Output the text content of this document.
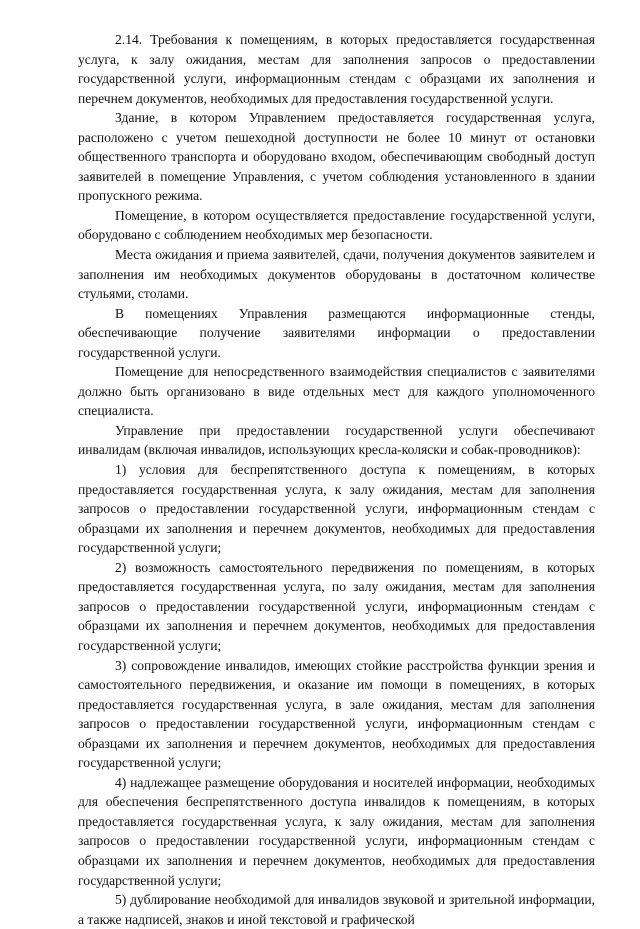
2.14. Требования к помещениям, в которых предоставляется государственная услуга, к залу ожидания, местам для заполнения запросов о предоставлении государственной услуги, информационным стендам с образцами их заполнения и перечнем документов, необходимых для предоставления государственной услуги.

Здание, в котором Управлением предоставляется государственная услуга, расположено с учетом пешеходной доступности не более 10 минут от остановки общественного транспорта и оборудовано входом, обеспечивающим свободный доступ заявителей в помещение Управления, с учетом соблюдения установленного в здании пропускного режима.

Помещение, в котором осуществляется предоставление государственной услуги, оборудовано с соблюдением необходимых мер безопасности.

Места ожидания и приема заявителей, сдачи, получения документов заявителем и заполнения им необходимых документов оборудованы в достаточном количестве стульями, столами.

В помещениях Управления размещаются информационные стенды, обеспечивающие получение заявителями информации о предоставлении государственной услуги.

Помещение для непосредственного взаимодействия специалистов с заявителями должно быть организовано в виде отдельных мест для каждого уполномоченного специалиста.

Управление при предоставлении государственной услуги обеспечивают инвалидам (включая инвалидов, использующих кресла-коляски и собак-проводников):

1) условия для беспрепятственного доступа к помещениям, в которых предоставляется государственная услуга, к залу ожидания, местам для заполнения запросов о предоставлении государственной услуги, информационным стендам с образцами их заполнения и перечнем документов, необходимых для предоставления государственной услуги;

2) возможность самостоятельного передвижения по помещениям, в которых предоставляется государственная услуга, по залу ожидания, местам для заполнения запросов о предоставлении государственной услуги, информационным стендам с образцами их заполнения и перечнем документов, необходимых для предоставления государственной услуги;

3) сопровождение инвалидов, имеющих стойкие расстройства функции зрения и самостоятельного передвижения, и оказание им помощи в помещениях, в которых предоставляется государственная услуга, в зале ожидания, местам для заполнения запросов о предоставлении государственной услуги, информационным стендам с образцами их заполнения и перечнем документов, необходимых для предоставления государственной услуги;

4) надлежащее размещение оборудования и носителей информации, необходимых для обеспечения беспрепятственного доступа инвалидов к помещениям, в которых предоставляется государственная услуга, к залу ожидания, местам для заполнения запросов о предоставлении государственной услуги, информационным стендам с образцами их заполнения и перечнем документов, необходимых для предоставления государственной услуги;

5) дублирование необходимой для инвалидов звуковой и зрительной информации, а также надписей, знаков и иной текстовой и графической
